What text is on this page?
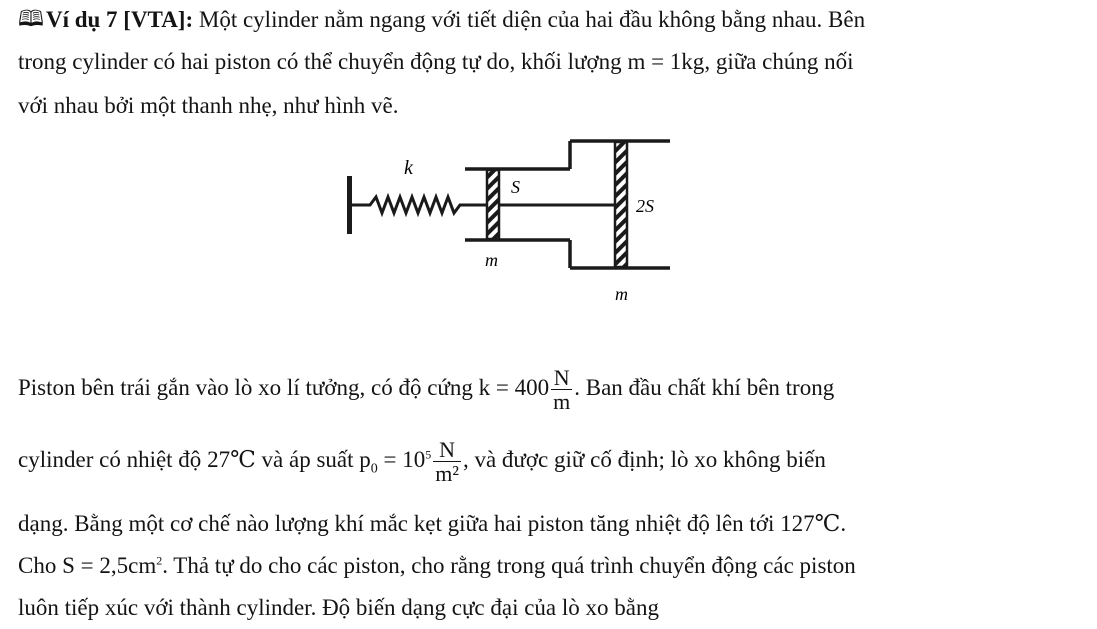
🕮Ví dụ 7 [VTA]: Một cylinder nằm ngang với tiết diện của hai đầu không bằng nhau. Bên
trong cylinder có hai piston có thể chuyển động tự do, khối lượng m = 1kg, giữa chúng nối
với nhau bởi một thanh nhẹ, như hình vẽ.
k
S
2S
m
m
Piston bên trái gắn vào lò xo lí tưởng, có độ cứng $k = 400 \frac{N}{m}$ . Ban đầu chất khí bên trong
cylinder có nhiệt độ 27℃ và áp suất $p_0 = 10^5 \frac{N}{\text{m²}}$ , và được giữ cố định; lò xo không biến
dạng. Bằng một cơ chế nào lượng khí mắc kẹt giữa hai piston tăng nhiệt độ lên tới 127℃.
Cho $S = 2,5cm^2$. Thả tự do cho các piston, cho rằng trong quá trình chuyển động các piston
luôn tiếp xúc với thành cylinder. Độ biến dạng cực đại của lò xo bằng
